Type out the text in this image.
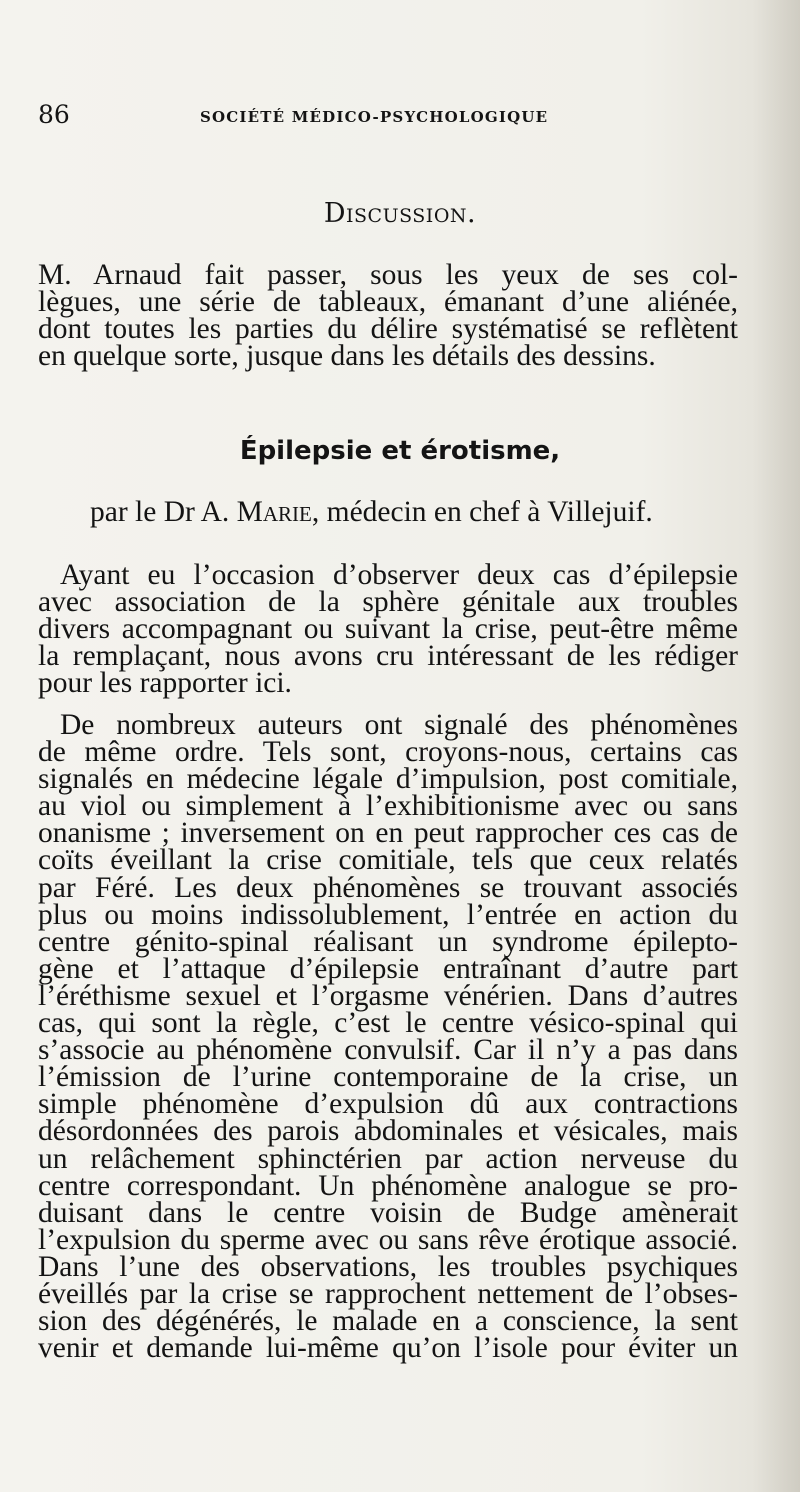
86	SOCIÉTÉ MÉDICO-PSYCHOLOGIQUE
Discussion.
M. Arnaud fait passer, sous les yeux de ses col-
lègues, une série de tableaux, émanant d’une aliénée,
dont toutes les parties du délire systématisé se reflètent
en quelque sorte, jusque dans les détails des dessins.
Épilepsie et érotisme,
par le Dr A. Marie, médecin en chef à Villejuif.
Ayant eu l’occasion d’observer deux cas d’épilepsie
avec association de la sphère génitale aux troubles
divers accompagnant ou suivant la crise, peut-être même
la remplaçant, nous avons cru intéressant de les rédiger
pour les rapporter ici.
De nombreux auteurs ont signalé des phénomènes
de même ordre. Tels sont, croyons-nous, certains cas
signalés en médecine légale d’impulsion, post comitiale,
au viol ou simplement à l’exhibitionisme avec ou sans
onanisme ; inversement on en peut rapprocher ces cas de
coïts éveillant la crise comitiale, tels que ceux relatés
par Féré. Les deux phénomènes se trouvant associés
plus ou moins indissolublement, l’entrée en action du
centre génito-spinal réalisant un syndrome épilepto-
gène et l’attaque d’épilepsie entraînant d’autre part
l’éréthisme sexuel et l’orgasme vénérien. Dans d’autres
cas, qui sont la règle, c’est le centre vésico-spinal qui
s’associe au phénomène convulsif. Car il n’y a pas dans
l’émission de l’urine contemporaine de la crise, un
simple phénomène d’expulsion dû aux contractions
désordonnées des parois abdominales et vésicales, mais
un relâchement sphinctérien par action nerveuse du
centre correspondant. Un phénomène analogue se pro-
duisant dans le centre voisin de Budge amènerait
l’expulsion du sperme avec ou sans rêve érotique associé.
Dans l’une des observations, les troubles psychiques
éveillés par la crise se rapprochent nettement de l’obses-
sion des dégénérés, le malade en a conscience, la sent
venir et demande lui-même qu’on l’isole pour éviter un
